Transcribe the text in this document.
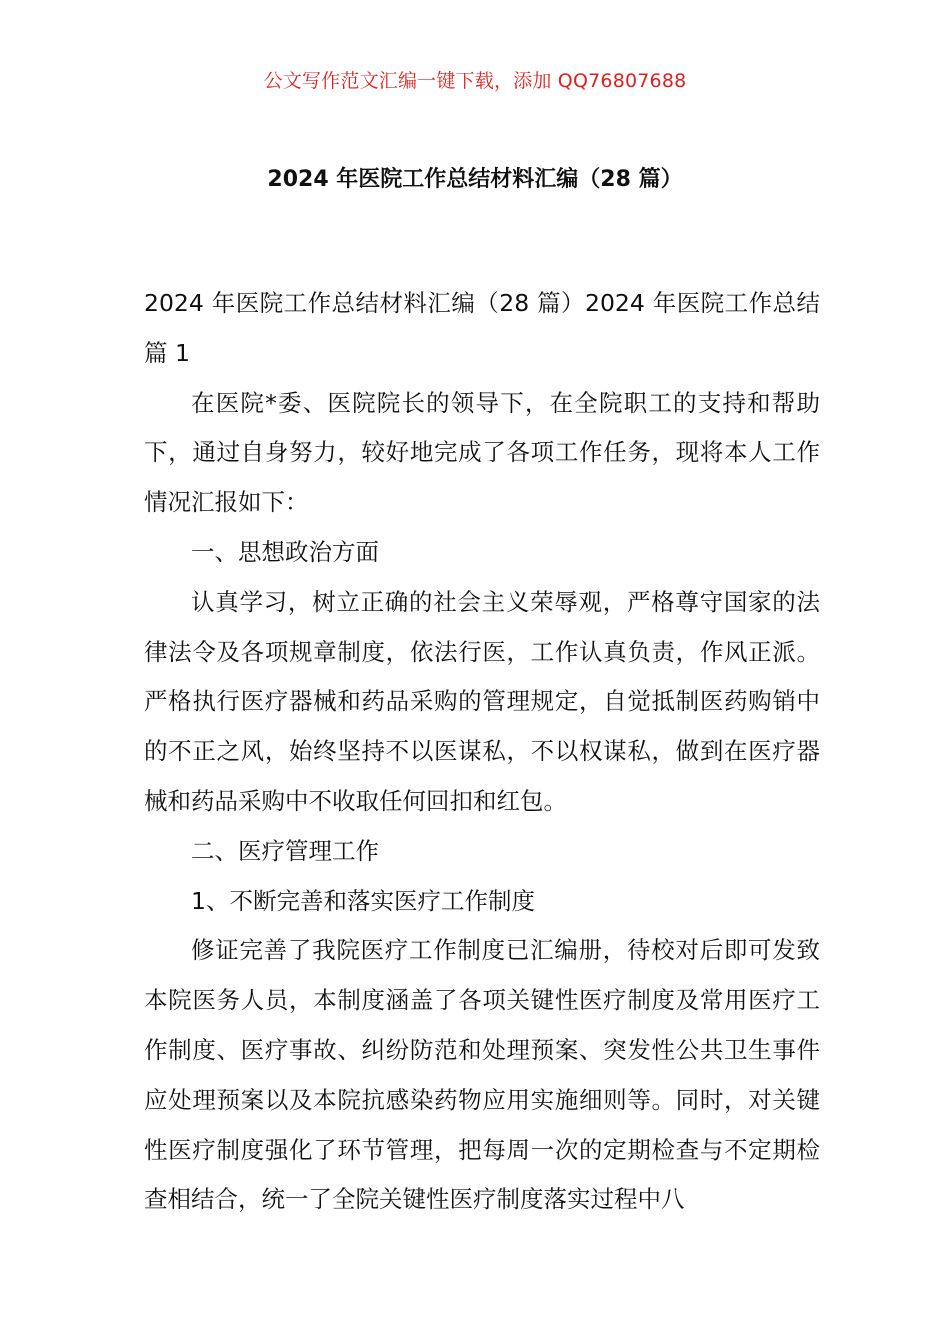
公文写作范文汇编一键下载，添加 QQ76807688
2024 年医院工作总结材料汇编（28 篇）

2024 年医院工作总结材料汇编（28 篇）2024 年医院工作总结篇 1

在医院*委、医院院长的领导下，在全院职工的支持和帮助下，通过自身努力，较好地完成了各项工作任务，现将本人工作情况汇报如下：

一、思想政治方面

认真学习，树立正确的社会主义荣辱观，严格尊守国家的法律法令及各项规章制度，依法行医，工作认真负责，作风正派。严格执行医疗器械和药品采购的管理规定，自觉抵制医药购销中的不正之风，始终坚持不以医谋私，不以权谋私，做到在医疗器械和药品采购中不收取任何回扣和红包。

二、医疗管理工作

1、不断完善和落实医疗工作制度

修证完善了我院医疗工作制度已汇编册，待校对后即可发致本院医务人员，本制度涵盖了各项关键性医疗制度及常用医疗工作制度、医疗事故、纠纷防范和处理预案、突发性公共卫生事件应处理预案以及本院抗感染药物应用实施细则等。同时，对关键性医疗制度强化了环节管理，把每周一次的定期检查与不定期检查相结合，统一了全院关键性医疗制度落实过程中八
